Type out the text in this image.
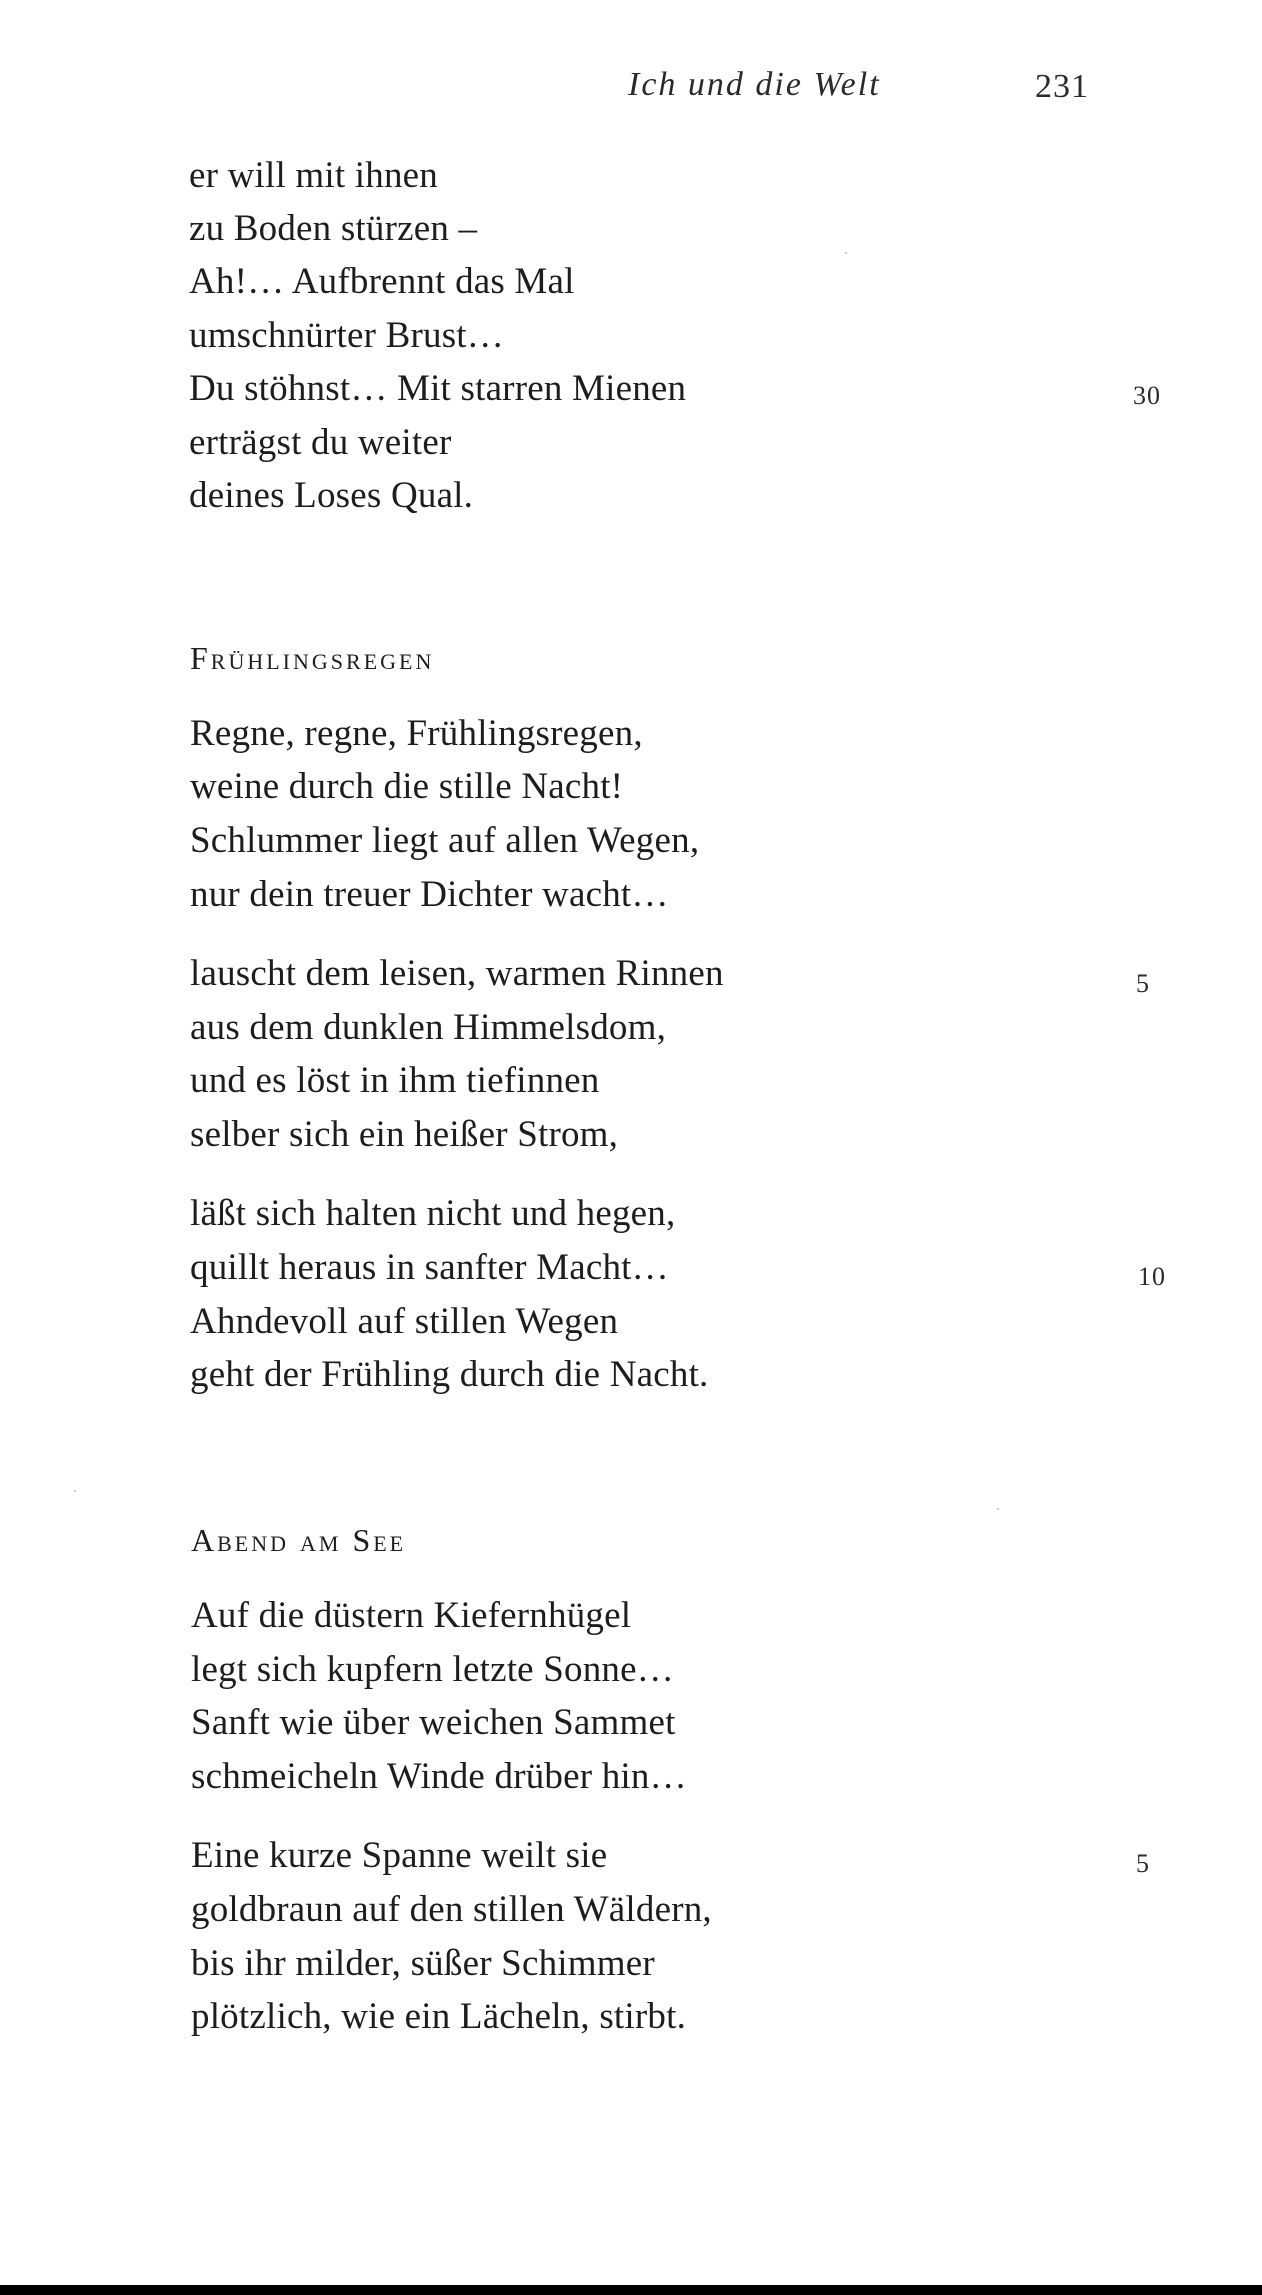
Ich und die Welt	231
er will mit ihnen
zu Boden stürzen –
Ah!… Aufbrennt das Mal
umschnürter Brust…
Du stöhnst… Mit starren Mienen
erträgst du weiter
deines Loses Qual.
30
Frühlingsregen
Regne, regne, Frühlingsregen,
weine durch die stille Nacht!
Schlummer liegt auf allen Wegen,
nur dein treuer Dichter wacht…
lauscht dem leisen, warmen Rinnen
aus dem dunklen Himmelsdom,
und es löst in ihm tiefinnen
selber sich ein heißer Strom,
läßt sich halten nicht und hegen,
quillt heraus in sanfter Macht…
Ahndevoll auf stillen Wegen
geht der Frühling durch die Nacht.
5
10
Abend am See
Auf die düstern Kiefernhügel
legt sich kupfern letzte Sonne…
Sanft wie über weichen Sammet
schmeicheln Winde drüber hin…
Eine kurze Spanne weilt sie
goldbraun auf den stillen Wäldern,
bis ihr milder, süßer Schimmer
plötzlich, wie ein Lächeln, stirbt.
5
